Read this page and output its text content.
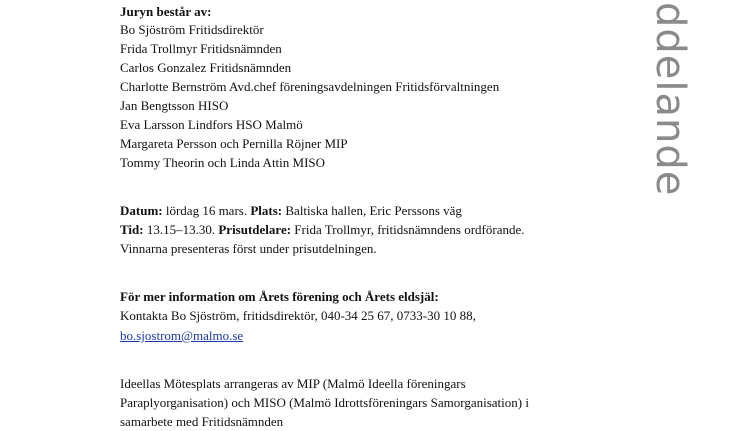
ddelande
Juryn består av:
Bo Sjöström Fritidsdirektör
Frida Trollmyr Fritidsnämnden
Carlos Gonzalez Fritidsnämnden
Charlotte Bernström Avd.chef föreningsavdelningen Fritidsförvaltningen
Jan Bengtsson HISO
Eva Larsson Lindfors HSO Malmö
Margareta Persson och Pernilla Röjner MIP
Tommy Theorin och Linda Attin MISO
Datum: lördag 16 mars. Plats: Baltiska hallen, Eric Perssons väg
Tid: 13.15–13.30. Prisutdelare: Frida Trollmyr, fritidsnämndens ordförande.
Vinnarna presenteras först under prisutdelningen.
För mer information om Årets förening och Årets eldsjäl:
Kontakta Bo Sjöström, fritidsdirektör, 040-34 25 67, 0733-30 10 88,
bo.sjostrom@malmo.se
Ideellas Mötesplats arrangeras av MIP (Malmö Ideella föreningars
Paraplyorganisation) och MISO (Malmö Idrottsföreningars Samorganisation) i
samarbete med Fritidsnämnden
